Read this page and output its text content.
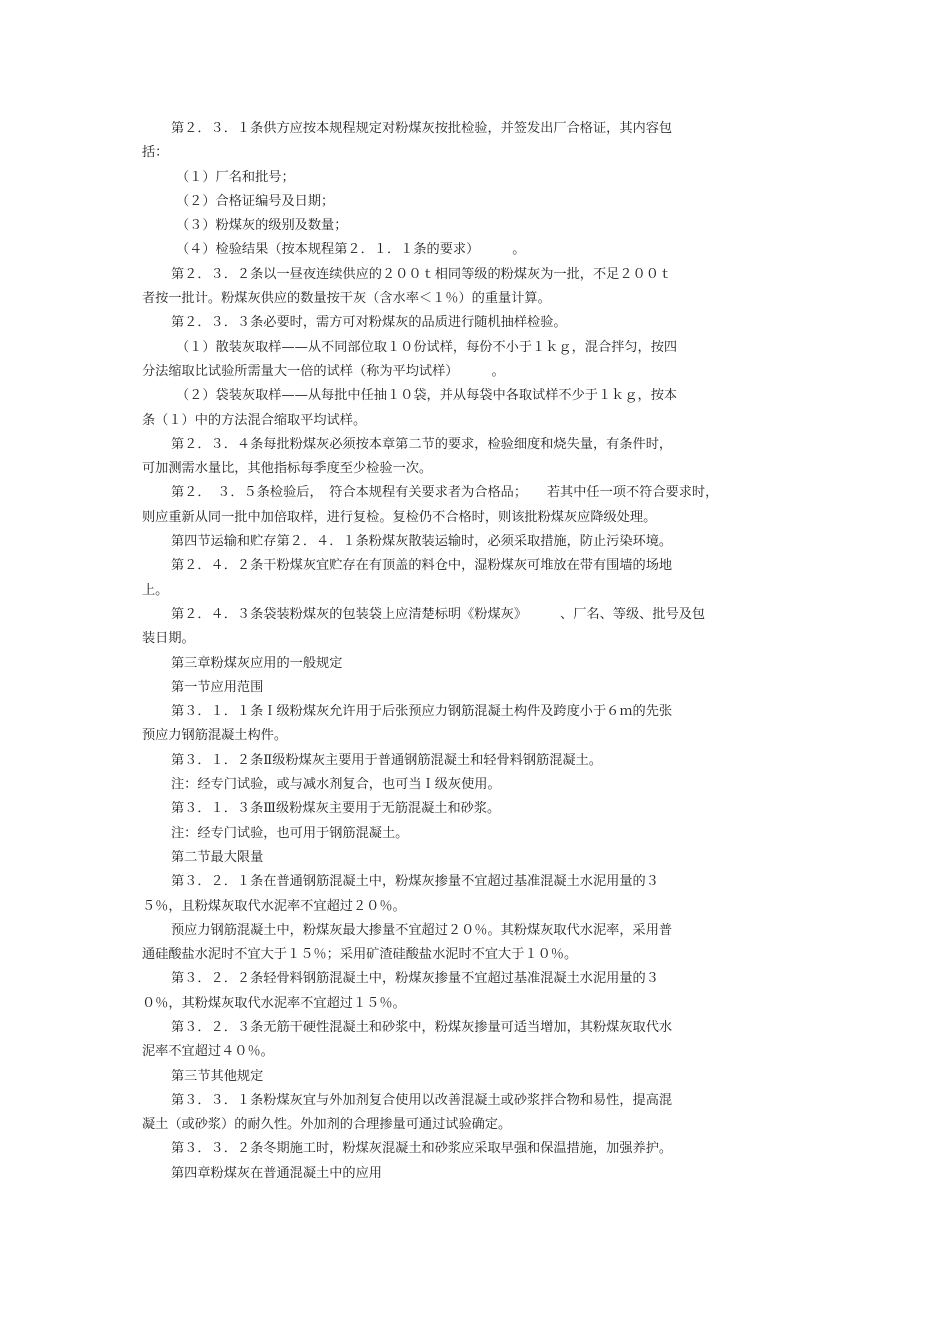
第２．３．１条供方应按本规程规定对粉煤灰按批检验，并签发出厂合格证，其内容包
括：
（１）厂名和批号；
（２）合格证编号及日期；
（３）粉煤灰的级别及数量；
（４）检验结果（按本规程第２．１．１条的要求）　　　。
第２．３．２条以一昼夜连续供应的２００ｔ相同等级的粉煤灰为一批，不足２００ｔ
者按一批计。粉煤灰供应的数量按干灰（含水率＜１％）的重量计算。
第２．３．３条必要时，需方可对粉煤灰的品质进行随机抽样检验。
（１）散装灰取样——从不同部位取１０份试样，每份不小于１ｋｇ，混合拌匀，按四
分法缩取比试验所需量大一倍的试样（称为平均试样）　　　。
（２）袋装灰取样——从每批中任抽１０袋，并从每袋中各取试样不少于１ｋｇ，按本
条（１）中的方法混合缩取平均试样。
第２．３．４条每批粉煤灰必须按本章第二节的要求，检验细度和烧失量，有条件时，
可加测需水量比，其他指标每季度至少检验一次。
第２．　３．５条检验后，　符合本规程有关要求者为合格品；　　若其中任一项不符合要求时，
则应重新从同一批中加倍取样，进行复检。复检仍不合格时，则该批粉煤灰应降级处理。
第四节运输和贮存第２．４．１条粉煤灰散装运输时，必须采取措施，防止污染环境。
第２．４．２条干粉煤灰宜贮存在有顶盖的料仓中，湿粉煤灰可堆放在带有围墙的场地
上。
第２．４．３条袋装粉煤灰的包装袋上应清楚标明《粉煤灰》　　　、厂名、等级、批号及包
装日期。
第三章粉煤灰应用的一般规定
第一节应用范围
第３．１．１条Ｉ级粉煤灰允许用于后张预应力钢筋混凝土构件及跨度小于６ｍ的先张
预应力钢筋混凝土构件。
第３．１．２条Ⅱ级粉煤灰主要用于普通钢筋混凝土和轻骨料钢筋混凝土。
注：经专门试验，或与减水剂复合，也可当Ｉ级灰使用。
第３．１．３条Ⅲ级粉煤灰主要用于无筋混凝土和砂浆。
注：经专门试验，也可用于钢筋混凝土。
第二节最大限量
第３．２．１条在普通钢筋混凝土中，粉煤灰掺量不宜超过基准混凝土水泥用量的３
５％，且粉煤灰取代水泥率不宜超过２０％。
预应力钢筋混凝土中，粉煤灰最大掺量不宜超过２０％。其粉煤灰取代水泥率，采用普
通硅酸盐水泥时不宜大于１５％；采用矿渣硅酸盐水泥时不宜大于１０％。
第３．２．２条轻骨料钢筋混凝土中，粉煤灰掺量不宜超过基准混凝土水泥用量的３
０％，其粉煤灰取代水泥率不宜超过１５％。
第３．２．３条无筋干硬性混凝土和砂浆中，粉煤灰掺量可适当增加，其粉煤灰取代水
泥率不宜超过４０％。
第三节其他规定
第３．３．１条粉煤灰宜与外加剂复合使用以改善混凝土或砂浆拌合物和易性，提高混
凝土（或砂浆）的耐久性。外加剂的合理掺量可通过试验确定。
第３．３．２条冬期施工时，粉煤灰混凝土和砂浆应采取早强和保温措施，加强养护。
第四章粉煤灰在普通混凝土中的应用
